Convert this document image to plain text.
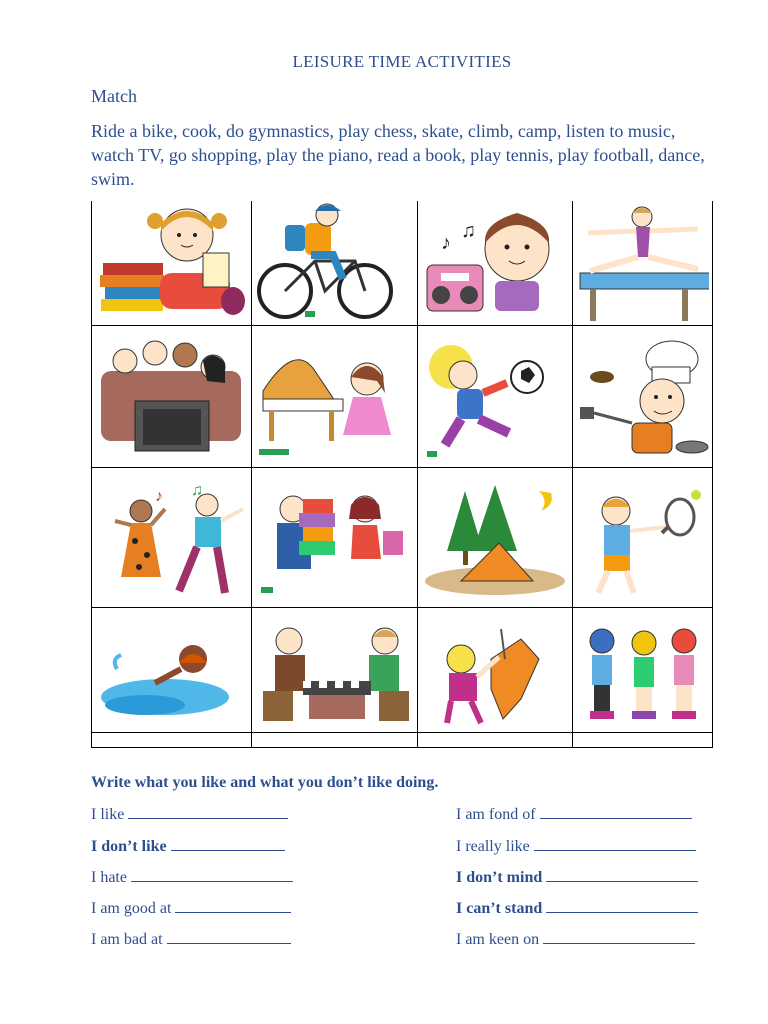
LEISURE TIME ACTIVITIES
Match
Ride a bike, cook, do gymnastics, play chess, skate, climb, camp, listen to music, watch TV, go shopping, play the piano, read a book, play tennis, play football, dance, swim.
♪
♫
♪ ♫
Write what you like and what you don’t like doing.
I like
I don’t like
I hate
I am good at
I am bad at
I am fond of
I really like
I don’t mind
I can’t stand
I am keen on
